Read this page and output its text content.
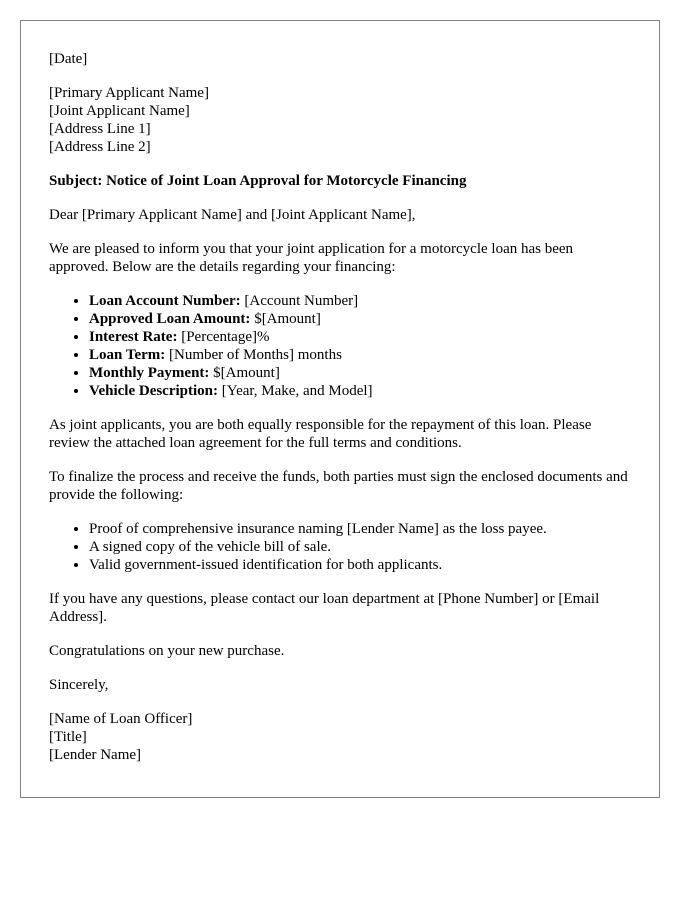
[Date]

[Primary Applicant Name]
[Joint Applicant Name]
[Address Line 1]
[Address Line 2]

Subject: Notice of Joint Loan Approval for Motorcycle Financing

Dear [Primary Applicant Name] and [Joint Applicant Name],

We are pleased to inform you that your joint application for a motorcycle loan has been approved. Below are the details regarding your financing:

• Loan Account Number: [Account Number]
• Approved Loan Amount: $[Amount]
• Interest Rate: [Percentage]%
• Loan Term: [Number of Months] months
• Monthly Payment: $[Amount]
• Vehicle Description: [Year, Make, and Model]

As joint applicants, you are both equally responsible for the repayment of this loan. Please review the attached loan agreement for the full terms and conditions.

To finalize the process and receive the funds, both parties must sign the enclosed documents and provide the following:

• Proof of comprehensive insurance naming [Lender Name] as the loss payee.
• A signed copy of the vehicle bill of sale.
• Valid government-issued identification for both applicants.

If you have any questions, please contact our loan department at [Phone Number] or [Email Address].

Congratulations on your new purchase.

Sincerely,

[Name of Loan Officer]
[Title]
[Lender Name]
